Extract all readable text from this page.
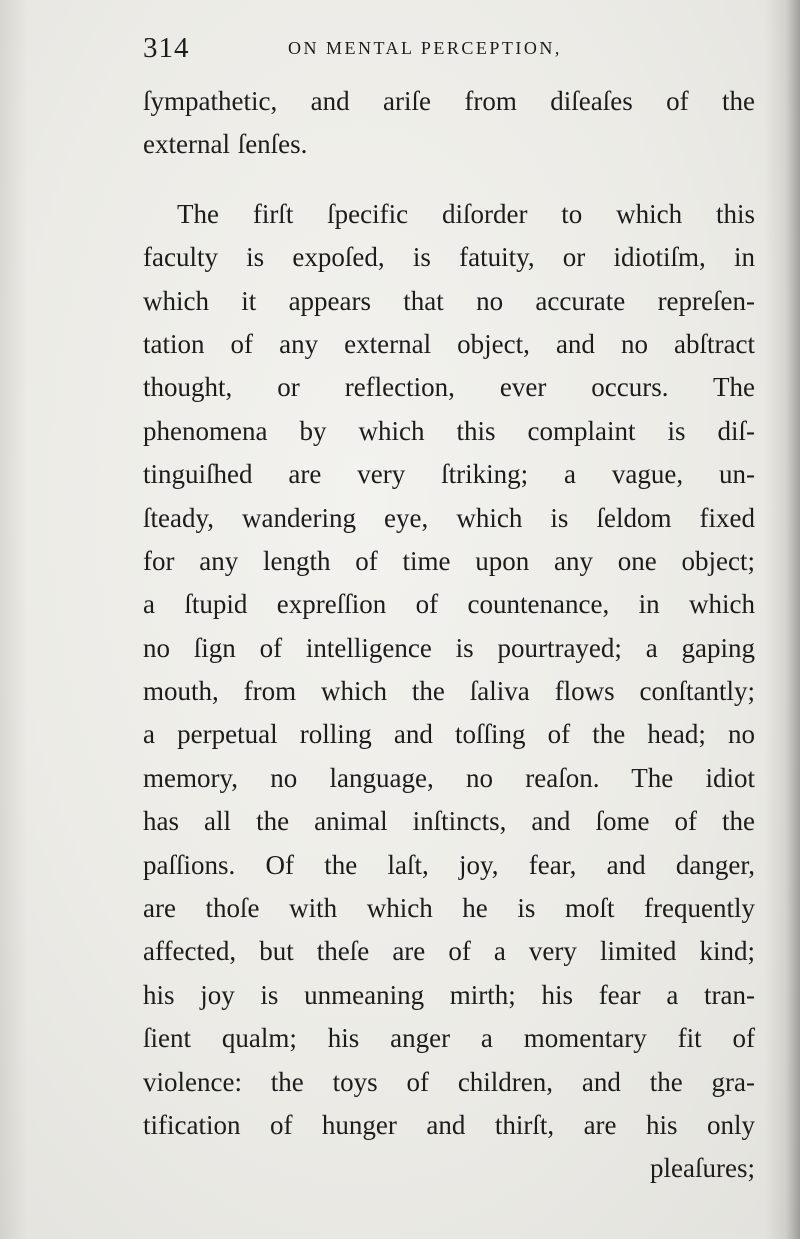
314	ON MENTAL PERCEPTION,
ſympathetic, and ariſe from diſeaſes of the
external ſenſes.
The firſt ſpecific diſorder to which this
faculty is expoſed, is fatuity, or idiotiſm, in
which it appears that no accurate repreſen-
tation of any external object, and no abſtract
thought, or reflection, ever occurs. The
phenomena by which this complaint is diſ-
tinguiſhed are very ſtriking; a vague, un-
ſteady, wandering eye, which is ſeldom fixed
for any length of time upon any one object;
a ſtupid expreſſion of countenance, in which
no ſign of intelligence is pourtrayed; a gaping
mouth, from which the ſaliva flows conſtantly;
a perpetual rolling and toſſing of the head; no
memory, no language, no reaſon. The idiot
has all the animal inſtincts, and ſome of the
paſſions. Of the laſt, joy, fear, and danger,
are thoſe with which he is moſt frequently
affected, but theſe are of a very limited kind;
his joy is unmeaning mirth; his fear a tran-
ſient qualm; his anger a momentary fit of
violence: the toys of children, and the gra-
tification of hunger and thirſt, are his only
pleaſures;
